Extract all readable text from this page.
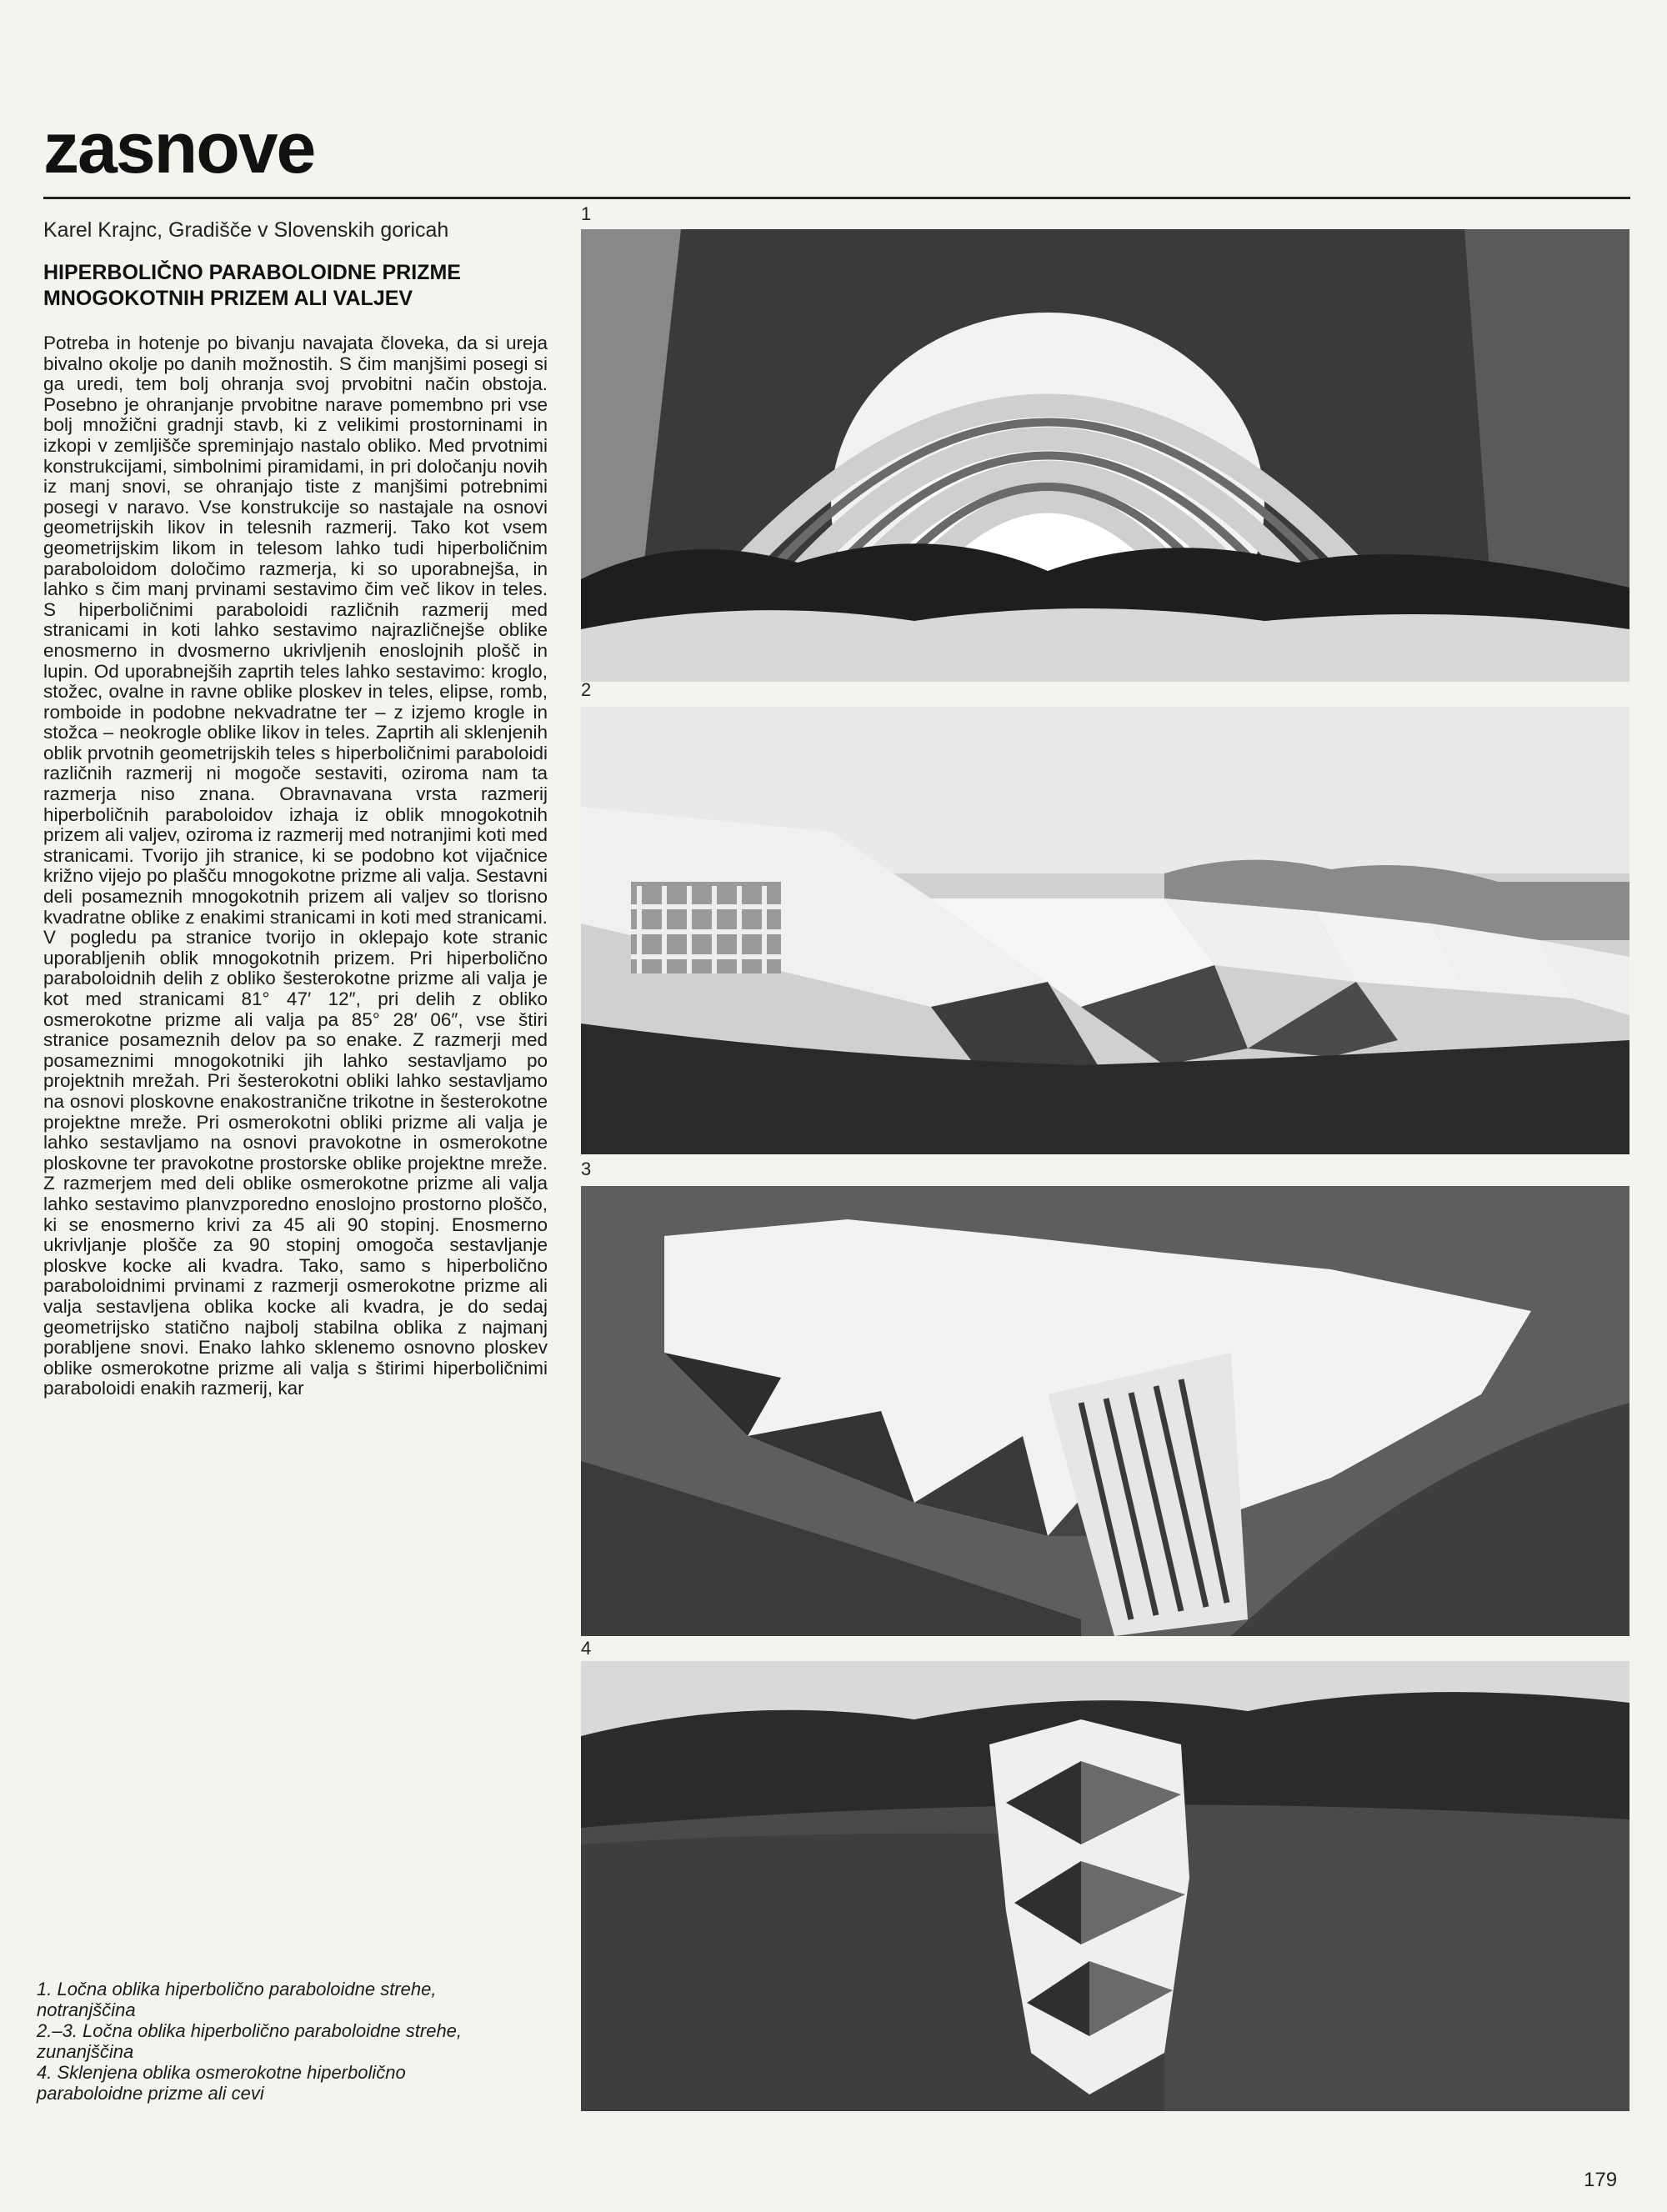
zasnove
Karel Krajnc, Gradišče v Slovenskih goricah
HIPERBOLIČNO PARABOLOIDNE PRIZME
MNOGOKOTNIH PRIZEM ALI VALJEV
Potreba in hotenje po bivanju navajata človeka, da si ureja bivalno okolje po danih možnostih. S čim manjšimi posegi si ga uredi, tem bolj ohranja svoj prvobitni način obstoja. Posebno je ohranjanje prvobitne narave pomembno pri vse bolj množični gradnji stavb, ki z velikimi prostorninami in izkopi v zemljišče spreminjajo nastalo obliko. Med prvotnimi konstrukcijami, simbolnimi piramidami, in pri določanju novih iz manj snovi, se ohranjajo tiste z manjšimi potrebnimi posegi v naravo. Vse konstrukcije so nastajale na osnovi geometrijskih likov in telesnih razmerij. Tako kot vsem geometrijskim likom in telesom lahko tudi hiperboličnim paraboloidom določimo razmerja, ki so uporabnejša, in lahko s čim manj prvinami sestavimo čim več likov in teles. S hiperboličnimi paraboloidi različnih razmerij med stranicami in koti lahko sestavimo najrazličnejše oblike enosmerno in dvosmerno ukrivljenih enoslojnih plošč in lupin. Od uporabnejših zaprtih teles lahko sestavimo: kroglo, stožec, ovalne in ravne oblike ploskev in teles, elipse, romb, romboide in podobne nekvadratne ter – z izjemo krogle in stožca – neokrogle oblike likov in teles. Zaprtih ali sklenjenih oblik prvotnih geometrijskih teles s hiperboličnimi paraboloidi različnih razmerij ni mogoče sestaviti, oziroma nam ta razmerja niso znana. Obravnavana vrsta razmerij hiperboličnih paraboloidov izhaja iz oblik mnogokotnih prizem ali valjev, oziroma iz razmerij med notranjimi koti med stranicami. Tvorijo jih stranice, ki se podobno kot vijačnice križno vijejo po plašču mnogokotne prizme ali valja. Sestavni deli posameznih mnogokotnih prizem ali valjev so tlorisno kvadratne oblike z enakimi stranicami in koti med stranicami. V pogledu pa stranice tvorijo in oklepajo kote stranic uporabljenih oblik mnogokotnih prizem. Pri hiperbolično paraboloidnih delih z obliko šesterokotne prizme ali valja je kot med stranicami 81° 47′ 12″, pri delih z obliko osmerokotne prizme ali valja pa 85° 28′ 06″, vse štiri stranice posameznih delov pa so enake. Z razmerji med posameznimi mnogokotniki jih lahko sestavljamo po projektnih mrežah. Pri šesterokotni obliki lahko sestavljamo na osnovi ploskovne enakostranične trikotne in šesterokotne projektne mreže. Pri osmerokotni obliki prizme ali valja je lahko sestavljamo na osnovi pravokotne in osmerokotne ploskovne ter pravokotne prostorske oblike projektne mreže. Z razmerjem med deli oblike osmerokotne prizme ali valja lahko sestavimo planvzporedno enoslojno prostorno ploščo, ki se enosmerno krivi za 45 ali 90 stopinj. Enosmerno ukrivljanje plošče za 90 stopinj omogoča sestavljanje ploskve kocke ali kvadra. Tako, samo s hiperbolično paraboloidnimi prvinami z razmerji osmerokotne prizme ali valja sestavljena oblika kocke ali kvadra, je do sedaj geometrijsko statično najbolj stabilna oblika z najmanj porabljene snovi. Enako lahko sklenemo osnovno ploskev oblike osmerokotne prizme ali valja s štirimi hiperboličnimi paraboloidi enakih razmerij, kar
1
2
3
4

1. Ločna oblika hiperbolično paraboloidne strehe,

notranjščina

2.–3. Ločna oblika hiperbolično paraboloidne strehe,

zunanjščina

4. Sklenjena oblika osmerokotne hiperbolično

paraboloidne prizme ali cevi

179
